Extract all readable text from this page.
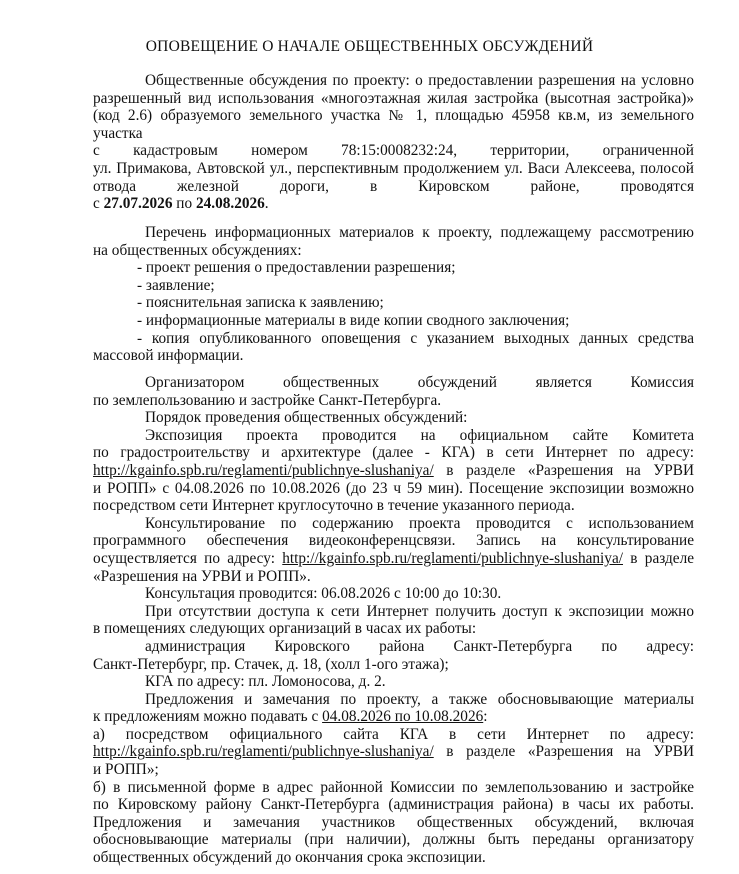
ОПОВЕЩЕНИЕ О НАЧАЛЕ ОБЩЕСТВЕННЫХ ОБСУЖДЕНИЙ

Общественные обсуждения по проекту: о предоставлении разрешения на условно

разрешенный вид использования «многоэтажная жилая застройка (высотная застройка)»

(код 2.6) образуемого земельного участка № 1, площадью 45958 кв.м, из земельного участка

с кадастровым номером 78:15:0008232:24, территории, ограниченной

ул. Примакова, Автовской ул., перспективным продолжением ул. Васи Алексеева, полосой

отвода железной дороги, в Кировском районе, проводятся

с 27.07.2026 по 24.08.2026.

Перечень информационных материалов к проекту, подлежащему рассмотрению

на общественных обсуждениях:

- проект решения о предоставлении разрешения;

- заявление;

- пояснительная записка к заявлению;

- информационные материалы в виде копии сводного заключения;

- копия опубликованного оповещения с указанием выходных данных средства

массовой информации.

Организатором общественных обсуждений является Комиссия

по землепользованию и застройке Санкт-Петербурга.

Порядок проведения общественных обсуждений:

Экспозиция проекта проводится на официальном сайте Комитета

по градостроительству и архитектуре (далее - КГА) в сети Интернет по адресу:

http://kgainfo.spb.ru/reglamenti/publichnye-slushaniya/ в разделе «Разрешения на УРВИ

и РОПП» с 04.08.2026 по 10.08.2026 (до 23 ч 59 мин). Посещение экспозиции возможно

посредством сети Интернет круглосуточно в течение указанного периода.

Консультирование по содержанию проекта проводится с использованием

программного обеспечения видеоконференцсвязи. Запись на консультирование

осуществляется по адресу: http://kgainfo.spb.ru/reglamenti/publichnye-slushaniya/ в разделе

«Разрешения на УРВИ и РОПП».

Консультация проводится: 06.08.2026 с 10:00 до 10:30.

При отсутствии доступа к сети Интернет получить доступ к экспозиции можно

в помещениях следующих организаций в часах их работы:

администрация Кировского района Санкт-Петербурга по адресу:

Санкт-Петербург, пр. Стачек, д. 18, (холл 1-ого этажа);

КГА по адресу: пл. Ломоносова, д. 2.

Предложения и замечания по проекту, а также обосновывающие материалы

к предложениям можно подавать с 04.08.2026 по 10.08.2026:

а) посредством официального сайта КГА в сети Интернет по адресу:

http://kgainfo.spb.ru/reglamenti/publichnye-slushaniya/ в разделе «Разрешения на УРВИ

и РОПП»;

б) в письменной форме в адрес районной Комиссии по землепользованию и застройке

по Кировскому району Санкт-Петербурга (администрация района) в часы их работы.

Предложения и замечания участников общественных обсуждений, включая

обосновывающие материалы (при наличии), должны быть переданы организатору

общественных обсуждений до окончания срока экспозиции.
